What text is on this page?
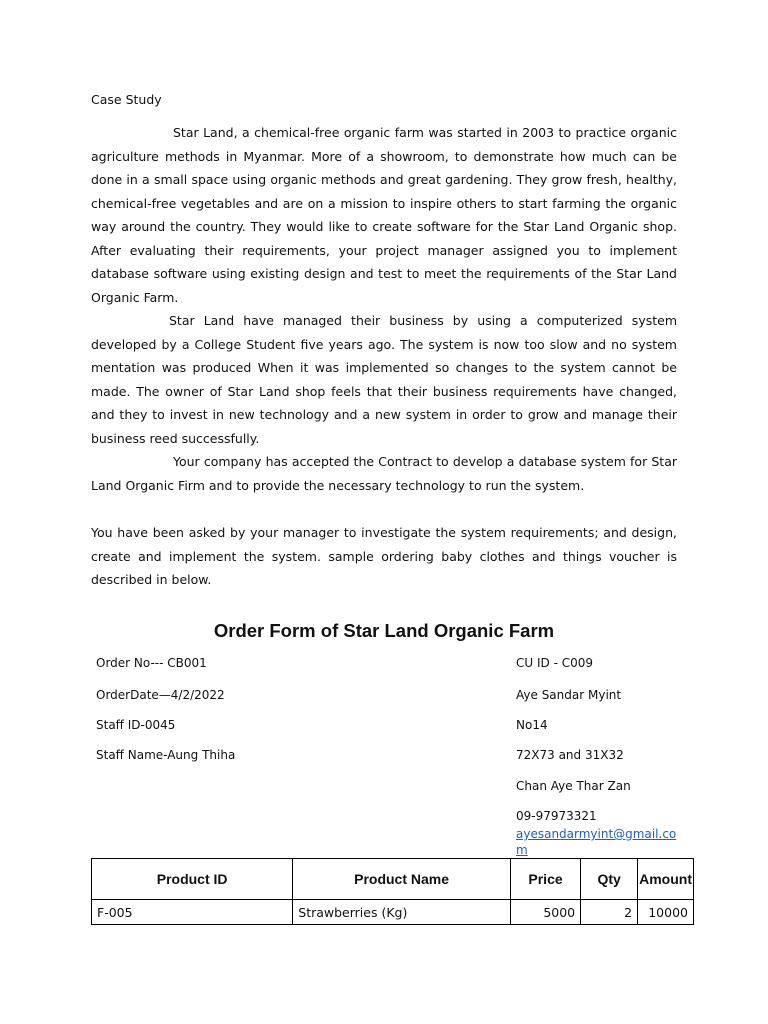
Case Study

Star Land, a chemical-free organic farm was started in 2003 to practice organic agriculture methods in Myanmar. More of a showroom, to demonstrate how much can be done in a small space using organic methods and great gardening. They grow fresh, healthy, chemical-free vegetables and are on a mission to inspire others to start farming the organic way around the country. They would like to create software for the Star Land Organic shop. After evaluating their requirements, your project manager assigned you to implement database software using existing design and test to meet the requirements of the Star Land Organic Farm.

Star Land have managed their business by using a computerized system developed by a College Student five years ago. The system is now too slow and no system mentation was produced When it was implemented so changes to the system cannot be made. The owner of Star Land shop feels that their business requirements have changed, and they to invest in new technology and a new system in order to grow and manage their business reed successfully.

Your company has accepted the Contract to develop a database system for Star Land Organic Firm and to provide the necessary technology to run the system.

You have been asked by your manager to investigate the system requirements; and design, create and implement the system. sample ordering baby clothes and things voucher is described in below.

Order Form of Star Land Organic Farm
Order No--- CB001
OrderDate—4/2/2022
Staff ID-0045
Staff Name-Aung Thiha
CU ID - C009
Aye Sandar Myint
No14
72X73 and 31X32
Chan Aye Thar Zan
09-97973321
ayesandarmyint@gmail.com
Product ID	Product Name	Price	Qty	Amount
F-005	Strawberries (Kg)	5000	2	10000
